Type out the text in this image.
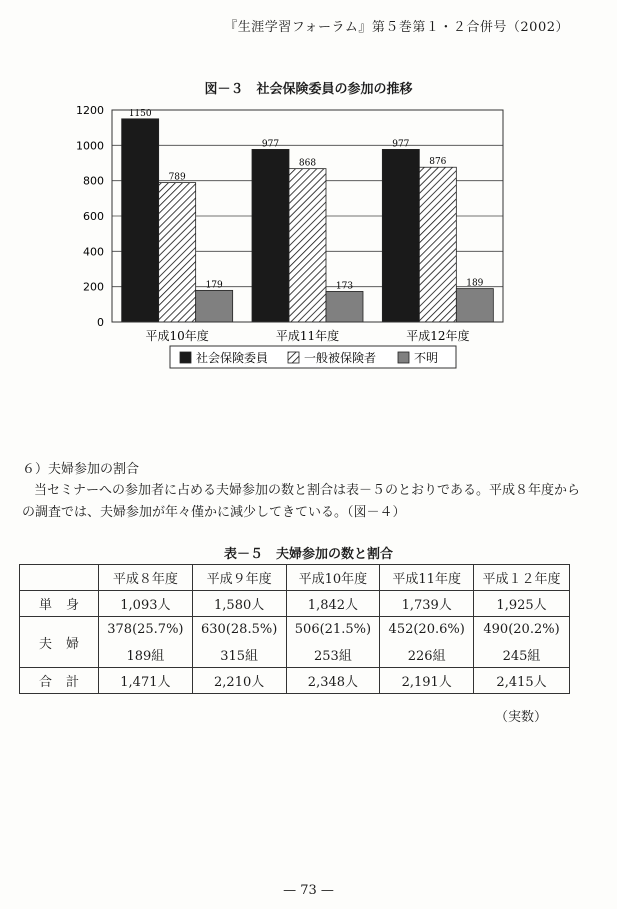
『生涯学習フォーラム』第５巻第１・２合併号（2002）
図－３　社会保険委員の参加の推移
1150
789
179
977
868
173
977
876
189
0
200
400
600
800
1000
1200
平成10年度	平成11年度	平成12年度
社会保険委員	一般被保険者	不明
６）夫婦参加の割合
当セミナーへの参加者に占める夫婦参加の数と割合は表－５のとおりである。平成８年度からの調査では、夫婦参加が年々僅かに減少してきている。（図－４）
表－５　夫婦参加の数と割合
	平成８年度	平成９年度	平成10年度	平成11年度	平成１２年度
単身	1,093人	1,580人	1,842人	1,739人	1,925人
夫婦	378(25.7%)	630(28.5%)	506(21.5%)	452(20.6%)	490(20.2%)
	189組	315組	253組	226組	245組
合計	1,471人	2,210人	2,348人	2,191人	2,415人
（実数）
— 73 —
